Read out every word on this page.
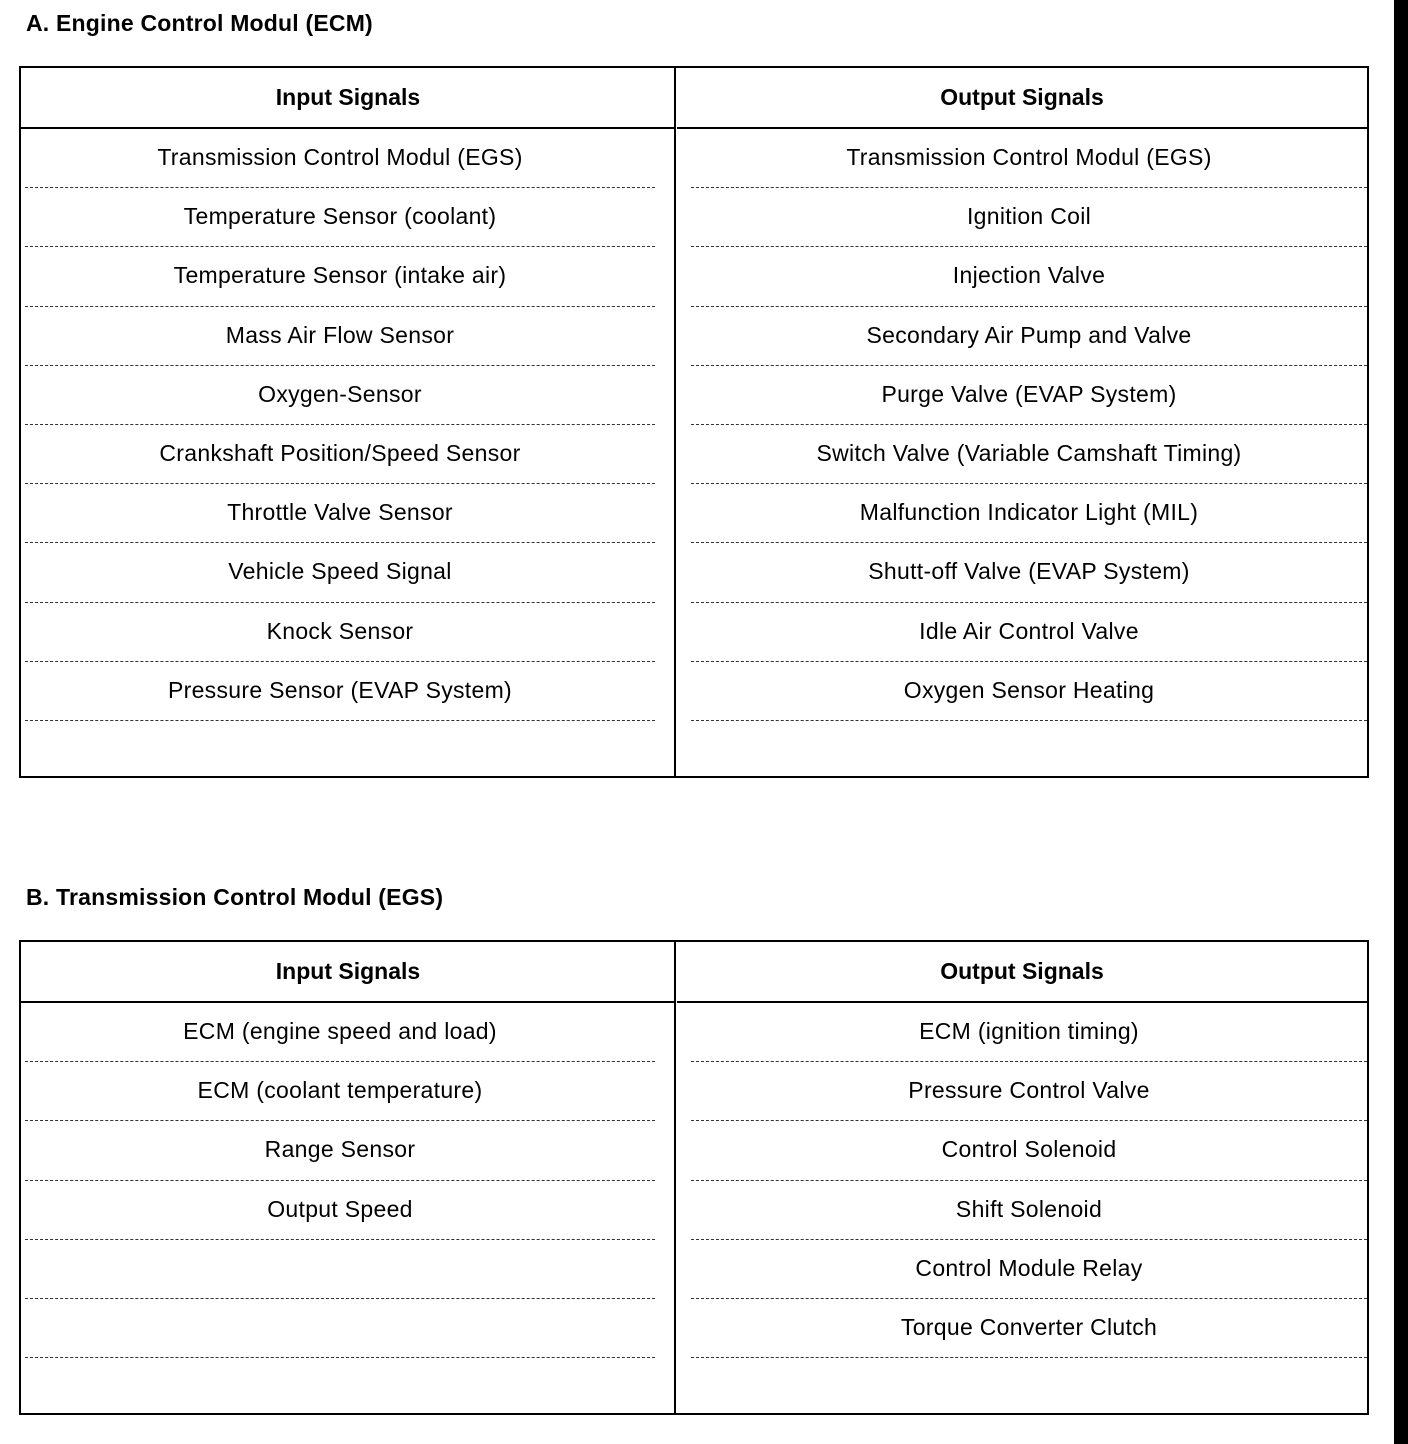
A. Engine Control Modul (ECM)
Input Signals
Transmission Control Modul (EGS)
Temperature Sensor (coolant)
Temperature Sensor (intake air)
Mass Air Flow Sensor
Oxygen-Sensor
Crankshaft Position/Speed Sensor
Throttle Valve Sensor
Vehicle Speed Signal
Knock Sensor
Pressure Sensor (EVAP System)
Output Signals
Transmission Control Modul (EGS)
Ignition Coil
Injection Valve
Secondary Air Pump and Valve
Purge Valve (EVAP System)
Switch Valve (Variable Camshaft Timing)
Malfunction Indicator Light (MIL)
Shutt-off Valve (EVAP System)
Idle Air Control Valve
Oxygen Sensor Heating
B. Transmission Control Modul (EGS)
Input Signals
ECM (engine speed and load)
ECM (coolant temperature)
Range Sensor
Output Speed
Output Signals
ECM (ignition timing)
Pressure Control Valve
Control Solenoid
Shift Solenoid
Control Module Relay
Torque Converter Clutch
